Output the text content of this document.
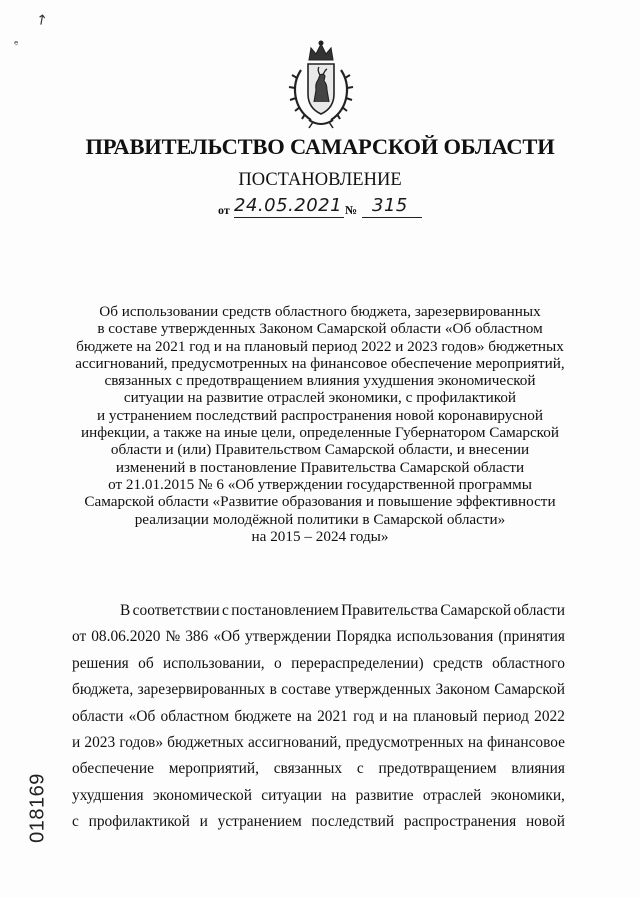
↗
ᵉ
ПРАВИТЕЛЬСТВО САМАРСКОЙ ОБЛАСТИ
ПОСТАНОВЛЕНИЕ
от 24.05.2021 № 315
Об использовании средств областного бюджета, зарезервированных
в составе утвержденных Законом Самарской области «Об областном
бюджете на 2021 год и на плановый период 2022 и 2023 годов» бюджетных
ассигнований, предусмотренных на финансовое обеспечение мероприятий,
связанных с предотвращением влияния ухудшения экономической
ситуации на развитие отраслей экономики, с профилактикой
и устранением последствий распространения новой коронавирусной
инфекции, а также на иные цели, определенные Губернатором Самарской
области и (или) Правительством Самарской области, и внесении
изменений в постановление Правительства Самарской области
от 21.01.2015 № 6 «Об утверждении государственной программы
Самарской области «Развитие образования и повышение эффективности
реализации молодёжной политики в Самарской области»
на 2015 – 2024 годы»
В соответствии с постановлением Правительства Самарской области
от 08.06.2020 № 386 «Об утверждении Порядка использования (принятия
решения об использовании, о перераспределении) средств областного
бюджета, зарезервированных в составе утвержденных Законом Самарской
области «Об областном бюджете на 2021 год и на плановый период 2022
и 2023 годов» бюджетных ассигнований, предусмотренных на финансовое
обеспечение мероприятий, связанных с предотвращением влияния
ухудшения экономической ситуации на развитие отраслей экономики,
с профилактикой и устранением последствий распространения новой
018169
